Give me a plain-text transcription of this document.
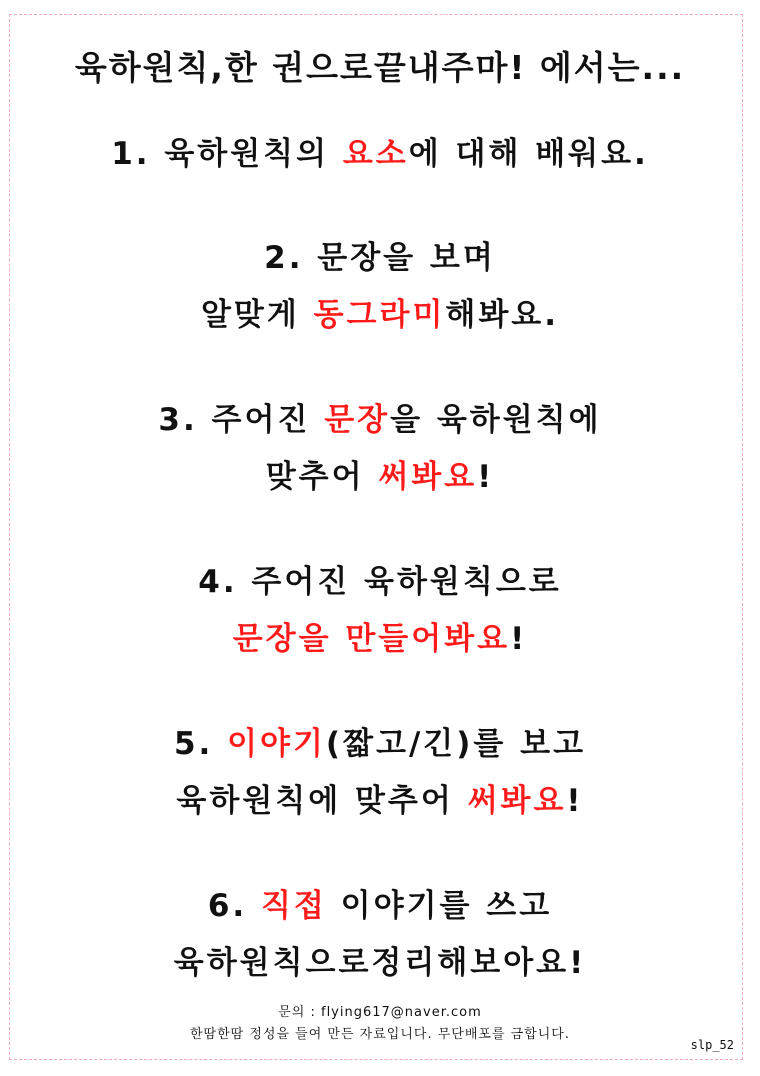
육하원칙,한 권으로끝내주마! 에서는...
1. 육하원칙의 요소에 대해 배워요.
2. 문장을 보며
알맞게 동그라미해봐요.
3. 주어진 문장을 육하원칙에
맞추어 써봐요!
4. 주어진 육하원칙으로
문장을 만들어봐요!
5. 이야기(짧고/긴)를 보고
육하원칙에 맞추어 써봐요!
6. 직접 이야기를 쓰고
육하원칙으로정리해보아요!
문의 : flying617@naver.com
한땀한땀 정성을 들여 만든 자료입니다. 무단배포를 금합니다.
slp_52
